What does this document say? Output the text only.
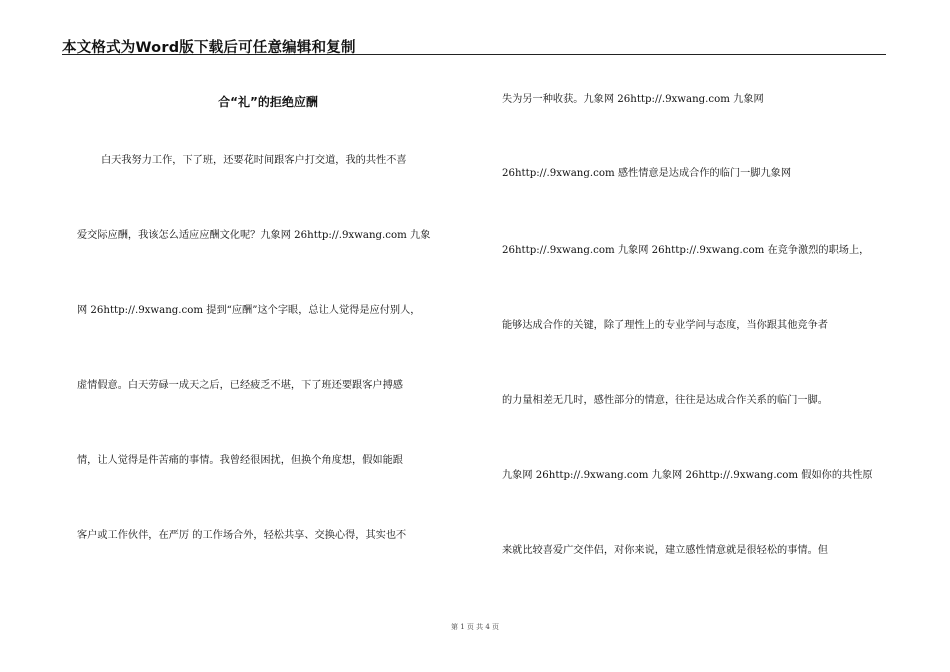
本文格式为Word版下载后可任意编辑和复制
合“礼”的拒绝应酬
白天我努力工作，下了班，还要花时间跟客户打交道，我的共性不喜
爱交际应酬，我该怎么适应应酬文化呢？九象网 26http://.9xwang.com 九象
网 26http://.9xwang.com 提到“应酬”这个字眼，总让人觉得是应付别人，
虚情假意。白天劳碌一成天之后，已经疲乏不堪，下了班还要跟客户搏感
情，让人觉得是件苦痛的事情。我曾经很困扰，但换个角度想，假如能跟
客户或工作伙伴，在严厉 的工作场合外，轻松共享、交换心得，其实也不
失为另一种收获。九象网 26http://.9xwang.com 九象网
26http://.9xwang.com 感性情意是达成合作的临门一脚九象网
26http://.9xwang.com 九象网 26http://.9xwang.com 在竞争激烈的职场上，
能够达成合作的关键，除了理性上的专业学问与态度，当你跟其他竞争者
的力量相差无几时，感性部分的情意，往往是达成合作关系的临门一脚。
九象网 26http://.9xwang.com 九象网 26http://.9xwang.com 假如你的共性原
来就比较喜爱广交伴侣，对你来说，建立感性情意就是很轻松的事情。但
第 1 页 共 4 页
